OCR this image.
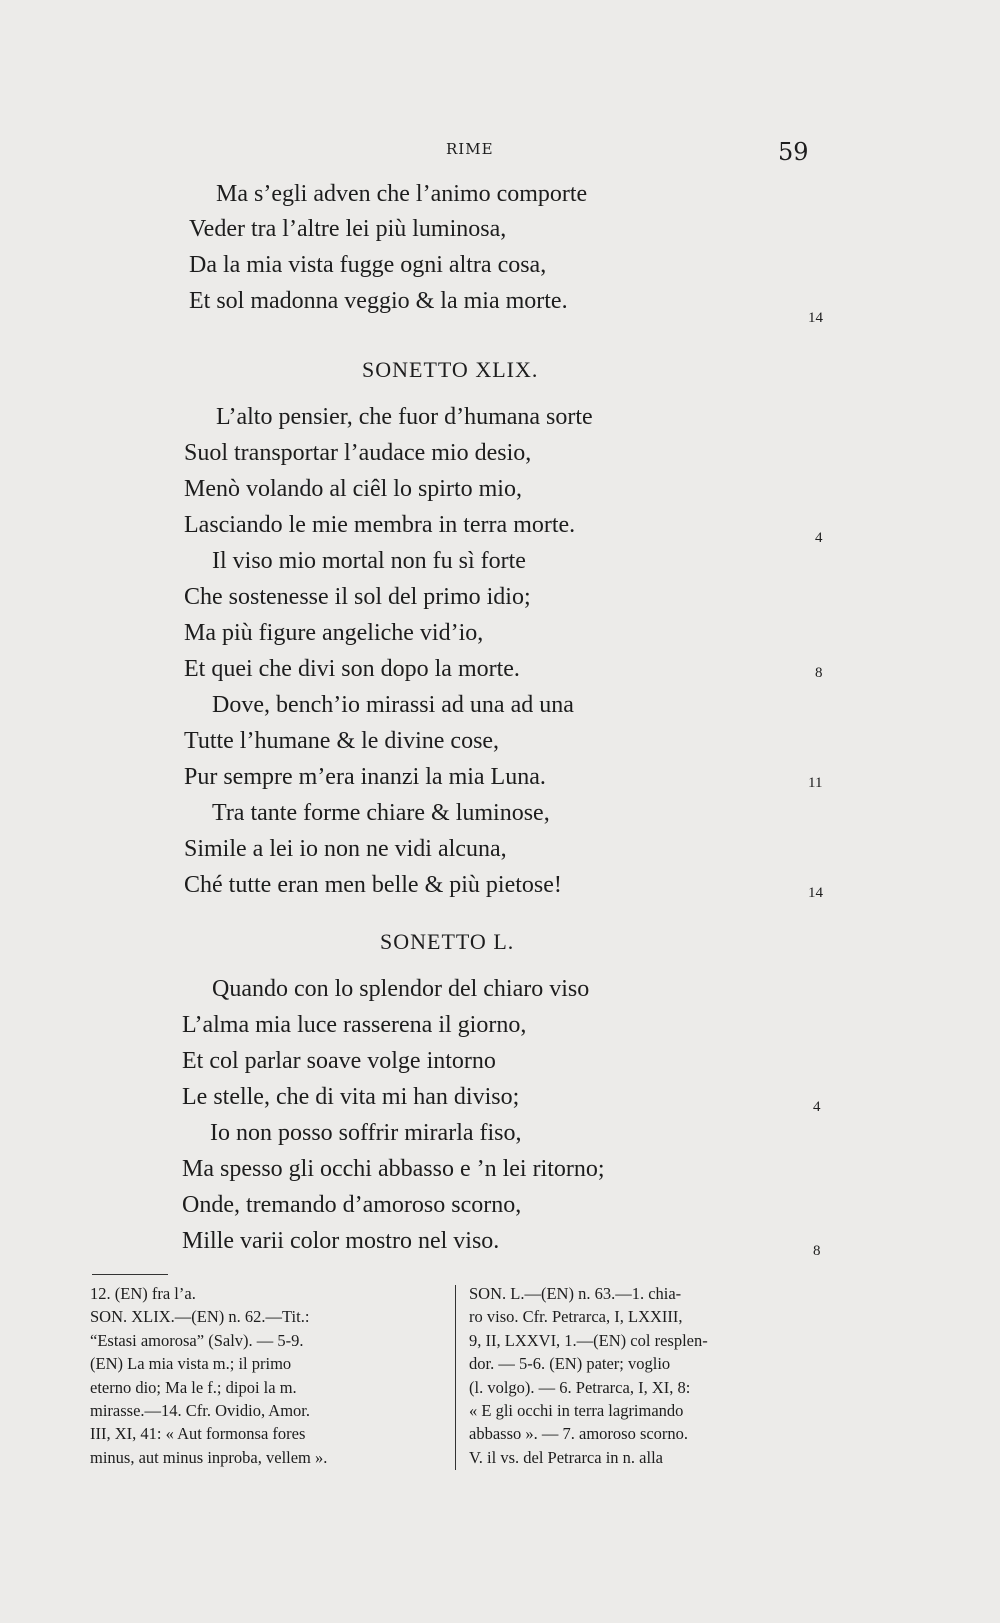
RIME	59
Ma s’egli adven che l’animo comporte
Veder tra l’altre lei più luminosa,
Da la mia vista fugge ogni altra cosa,
Et sol madonna veggio & la mia morte.
L’alto pensier, che fuor d’humana sorte
Suol transportar l’audace mio desio,
Menò volando al ciêl lo spirto mio,
Lasciando le mie membra in terra morte.
Il viso mio mortal non fu sì forte
Che sostenesse il sol del primo idio;
Ma più figure angeliche vid’io,
Et quei che divi son dopo la morte.
Dove, bench’io mirassi ad una ad una
Tutte l’humane & le divine cose,
Pur sempre m’era inanzi la mia Luna.
Tra tante forme chiare & luminose,
Simile a lei io non ne vidi alcuna,
Ché tutte eran men belle & più pietose!
Quando con lo splendor del chiaro viso
L’alma mia luce rasserena il giorno,
Et col parlar soave volge intorno
Le stelle, che di vita mi han diviso;
Io non posso soffrir mirarla fiso,
Ma spesso gli occhi abbasso e ’n lei ritorno;
Onde, tremando d’amoroso scorno,
Mille varii color mostro nel viso.
SONETTO XLIX.
SONETTO L.
14
4
8
11
14
4
8
12. (EN) fra l’a.
SON. XLIX.—(EN) n. 62.—Tit.:
“Estasi amorosa” (Salv). — 5-9.
(EN) La mia vista m.; il primo
eterno dio; Ma le f.; dipoi la m.
mirasse.—14. Cfr. Ovidio, Amor.
III, XI, 41: « Aut formonsa fores
minus, aut minus inproba, vellem ».
SON. L.—(EN) n. 63.—1. chia-
ro viso. Cfr. Petrarca, I, LXXIII,
9, II, LXXVI, 1.—(EN) col resplen-
dor. — 5-6. (EN) pater; voglio
(l. volgo). — 6. Petrarca, I, XI, 8:
« E gli occhi in terra lagrimando
abbasso ». — 7. amoroso scorno.
V. il vs. del Petrarca in n. alla
